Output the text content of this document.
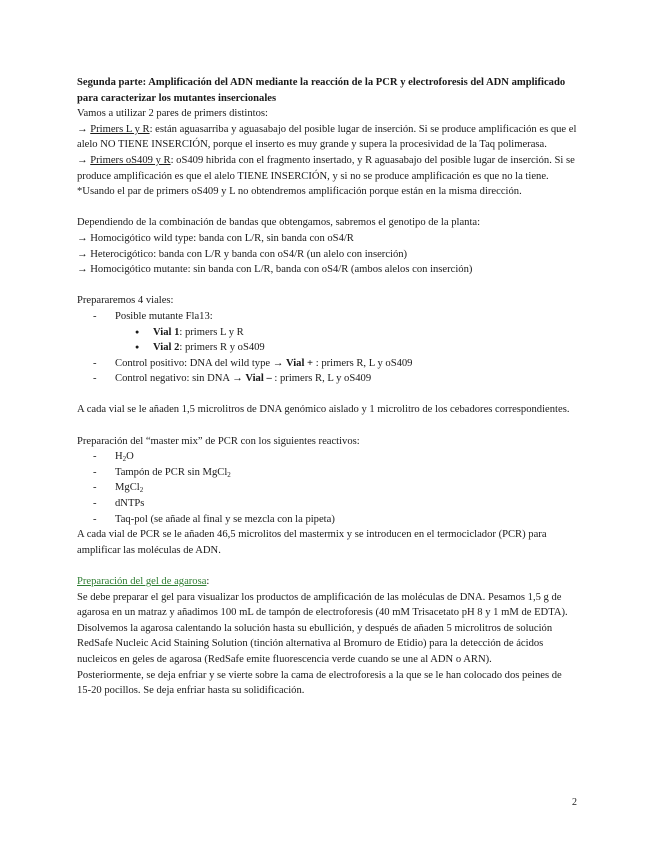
Segunda parte: Amplificación del ADN mediante la reacción de la PCR y electroforesis del ADN amplificado para caracterizar los mutantes insercionales

Vamos a utilizar 2 pares de primers distintos:

→ Primers L y R: están aguasarriba y aguasabajo del posible lugar de inserción. Si se produce amplificación es que el alelo NO TIENE INSERCIÓN, porque el inserto es muy grande y supera la procesividad de la Taq polimerasa.

→ Primers oS409 y R: oS409 hibrida con el fragmento insertado, y R aguasabajo del posible lugar de inserción. Si se produce amplificación es que el alelo TIENE INSERCIÓN, y si no se produce amplificación es que no la tiene.

*Usando el par de primers oS409 y L no obtendremos amplificación porque están en la misma dirección.

Dependiendo de la combinación de bandas que obtengamos, sabremos el genotipo de la planta:

→ Homocigótico wild type: banda con L/R, sin banda con oS4/R

→ Heterocigótico: banda con L/R y banda con oS4/R (un alelo con inserción)

→ Homocigótico mutante: sin banda con L/R, banda con oS4/R (ambos alelos con inserción)

Prepararemos 4 viales:

- Posible mutante Fla13:
● Vial 1: primers L y R
● Vial 2: primers R y oS409
- Control positivo: DNA del wild type → Vial + : primers R, L y oS409
- Control negativo: sin DNA → Vial – : primers R, L y oS409

A cada vial se le añaden 1,5 microlitros de DNA genómico aislado y 1 microlitro de los cebadores correspondientes.

Preparación del “master mix” de PCR con los siguientes reactivos:

- $H_2O$
- Tampón de PCR sin MgCl$_2$
- MgCl$_2$
- dNTPs
- Taq-pol (se añade al final y se mezcla con la pipeta)

A cada vial de PCR se le añaden 46,5 microlitos del mastermix y se introducen en el termociclador (PCR) para amplificar las moléculas de ADN.

Preparación del gel de agarosa:

Se debe preparar el gel para visualizar los productos de amplificación de las moléculas de DNA. Pesamos 1,5 g de agarosa en un matraz y añadimos 100 mL de tampón de electroforesis (40 mM Trisacetato pH 8 y 1 mM de EDTA). Disolvemos la agarosa calentando la solución hasta su ebullición, y después de añaden 5 microlitros de solución RedSafe Nucleic Acid Staining Solution (tinción alternativa al Bromuro de Etidio) para la detección de ácidos nucleicos en geles de agarosa (RedSafe emite fluorescencia verde cuando se une al ADN o ARN).

Posteriormente, se deja enfriar y se vierte sobre la cama de electroforesis a la que se le han colocado dos peines de 15-20 pocillos. Se deja enfriar hasta su solidificación.

2
